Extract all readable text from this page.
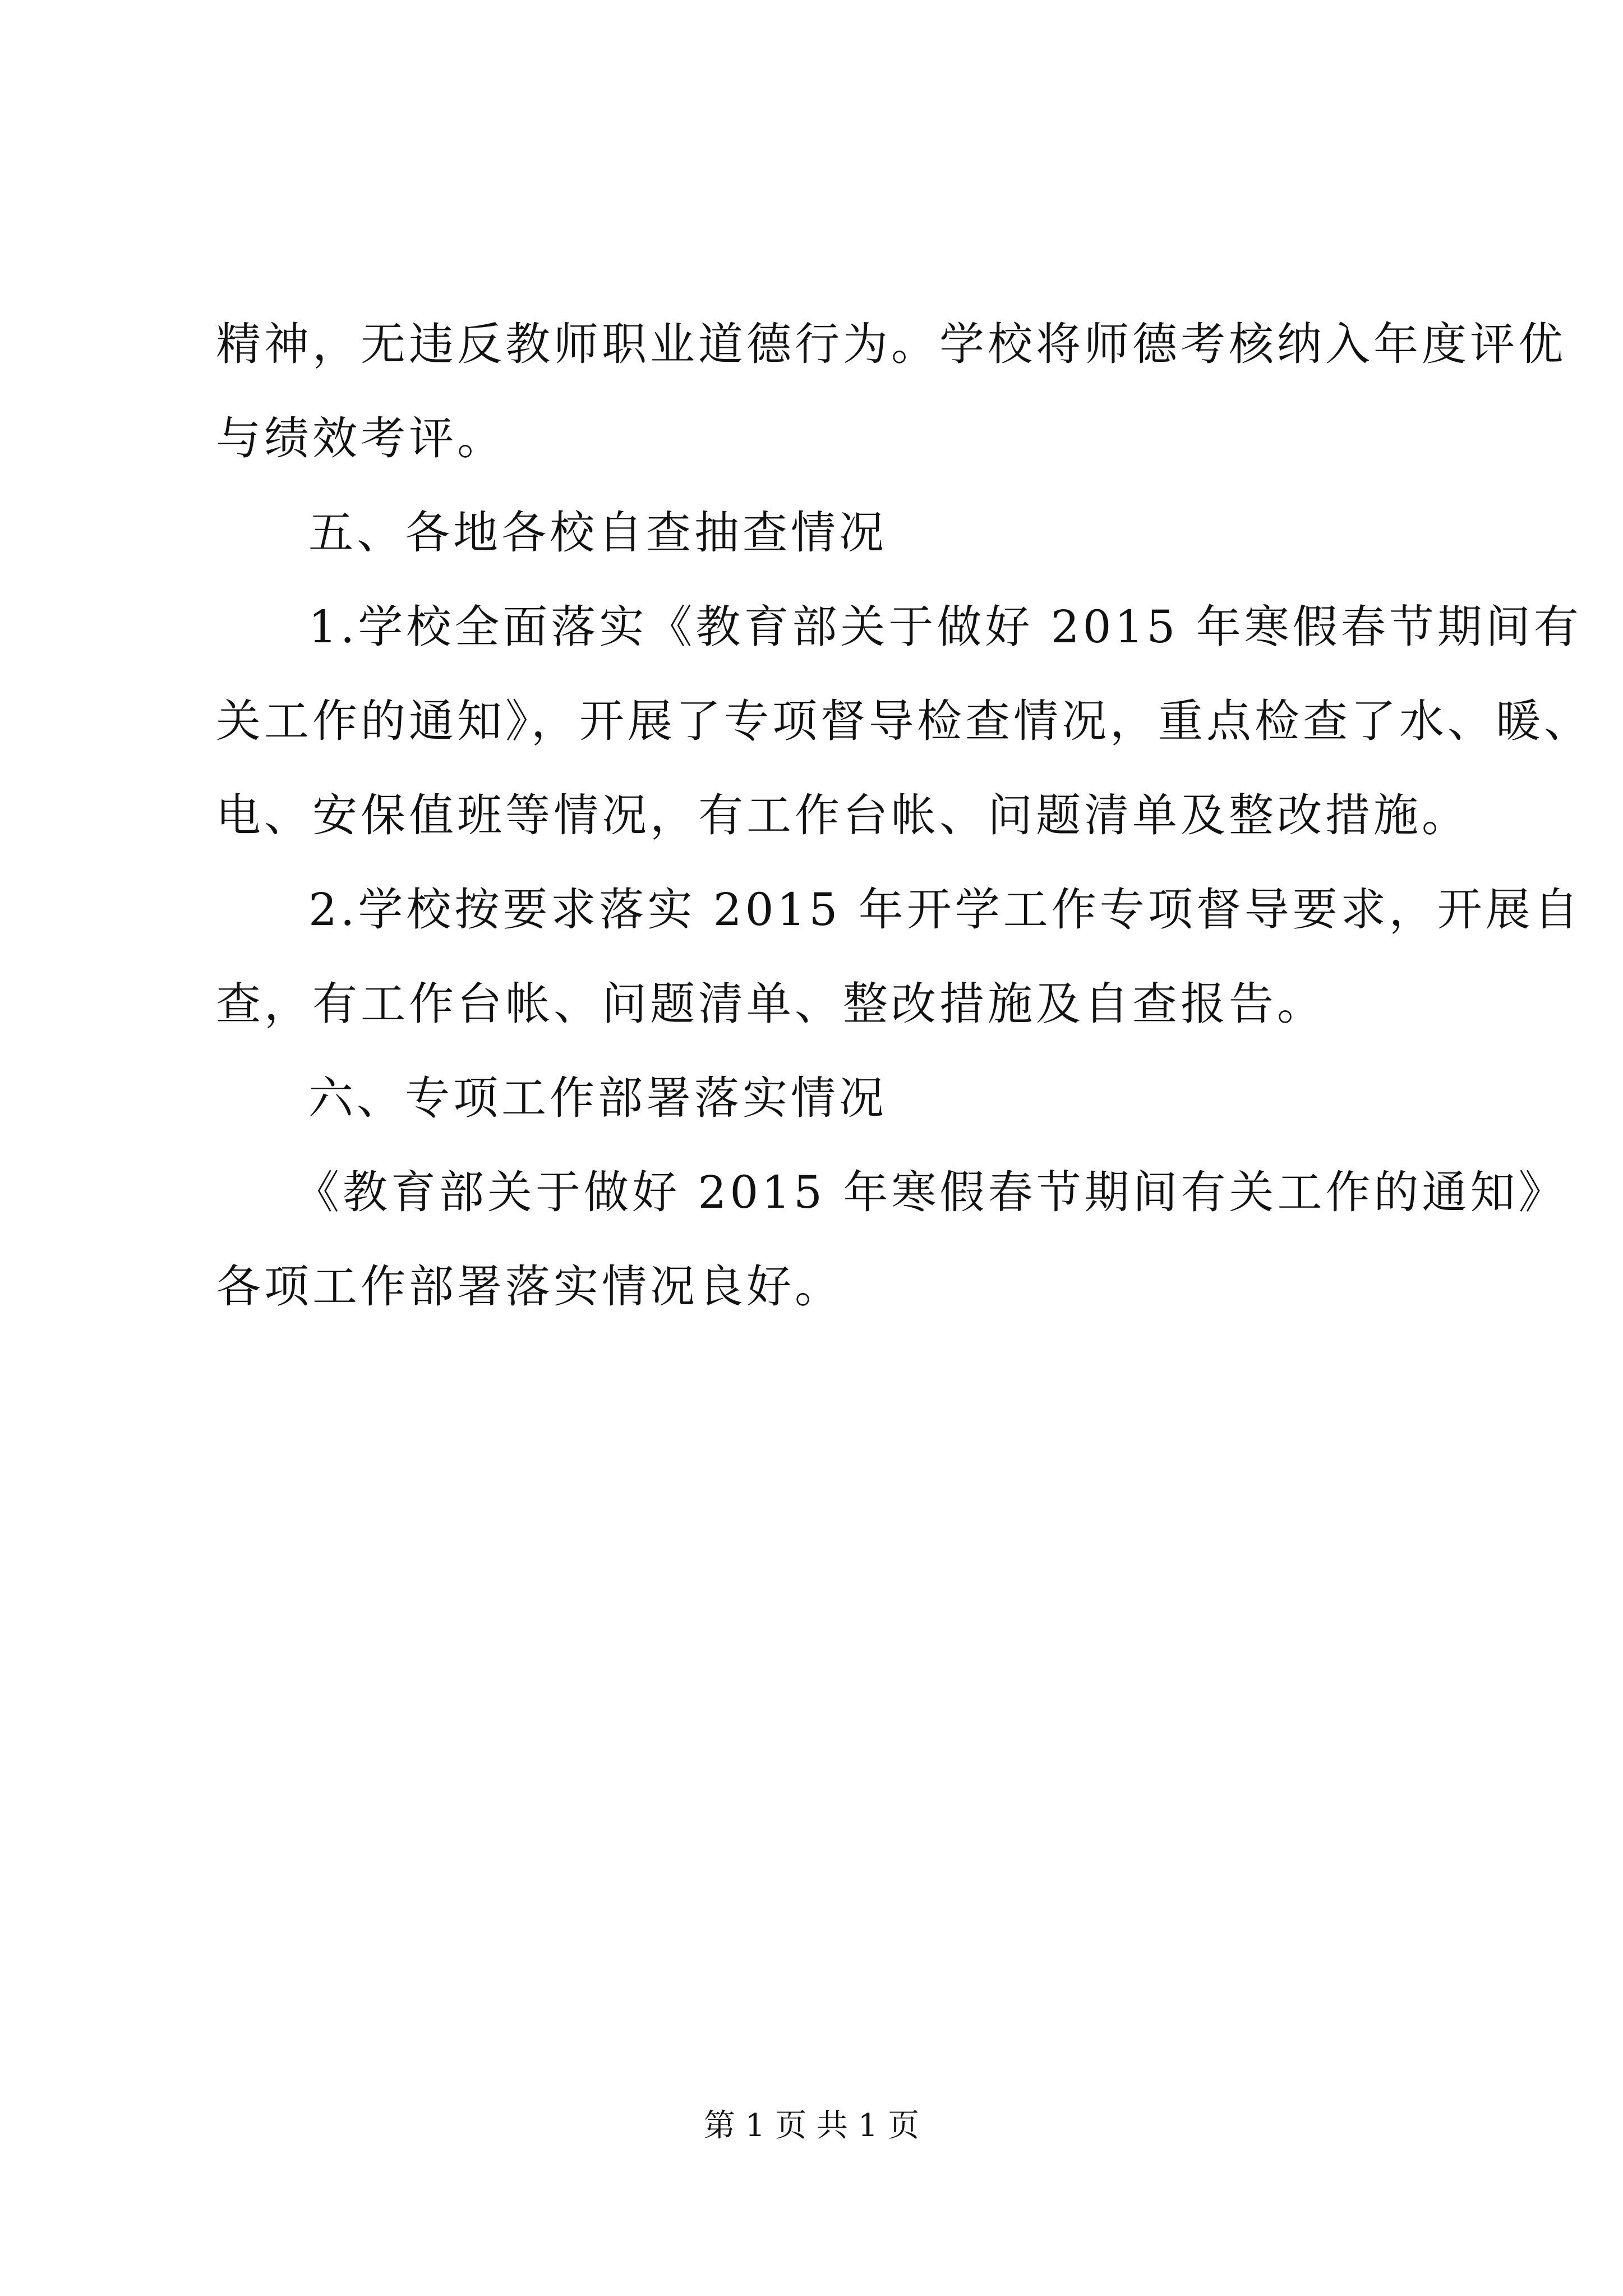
精神，无违反教师职业道德行为。学校将师德考核纳入年度评优
与绩效考评。
五、各地各校自查抽查情况
1.学校全面落实《教育部关于做好 2015 年寒假春节期间有
关工作的通知》，开展了专项督导检查情况，重点检查了水、暖、
电、安保值班等情况，有工作台帐、问题清单及整改措施。
2.学校按要求落实 2015 年开学工作专项督导要求，开展自
查，有工作台帐、问题清单、整改措施及自查报告。
六、专项工作部署落实情况
《教育部关于做好 2015 年寒假春节期间有关工作的通知》
各项工作部署落实情况良好。
第 1 页 共 1 页
